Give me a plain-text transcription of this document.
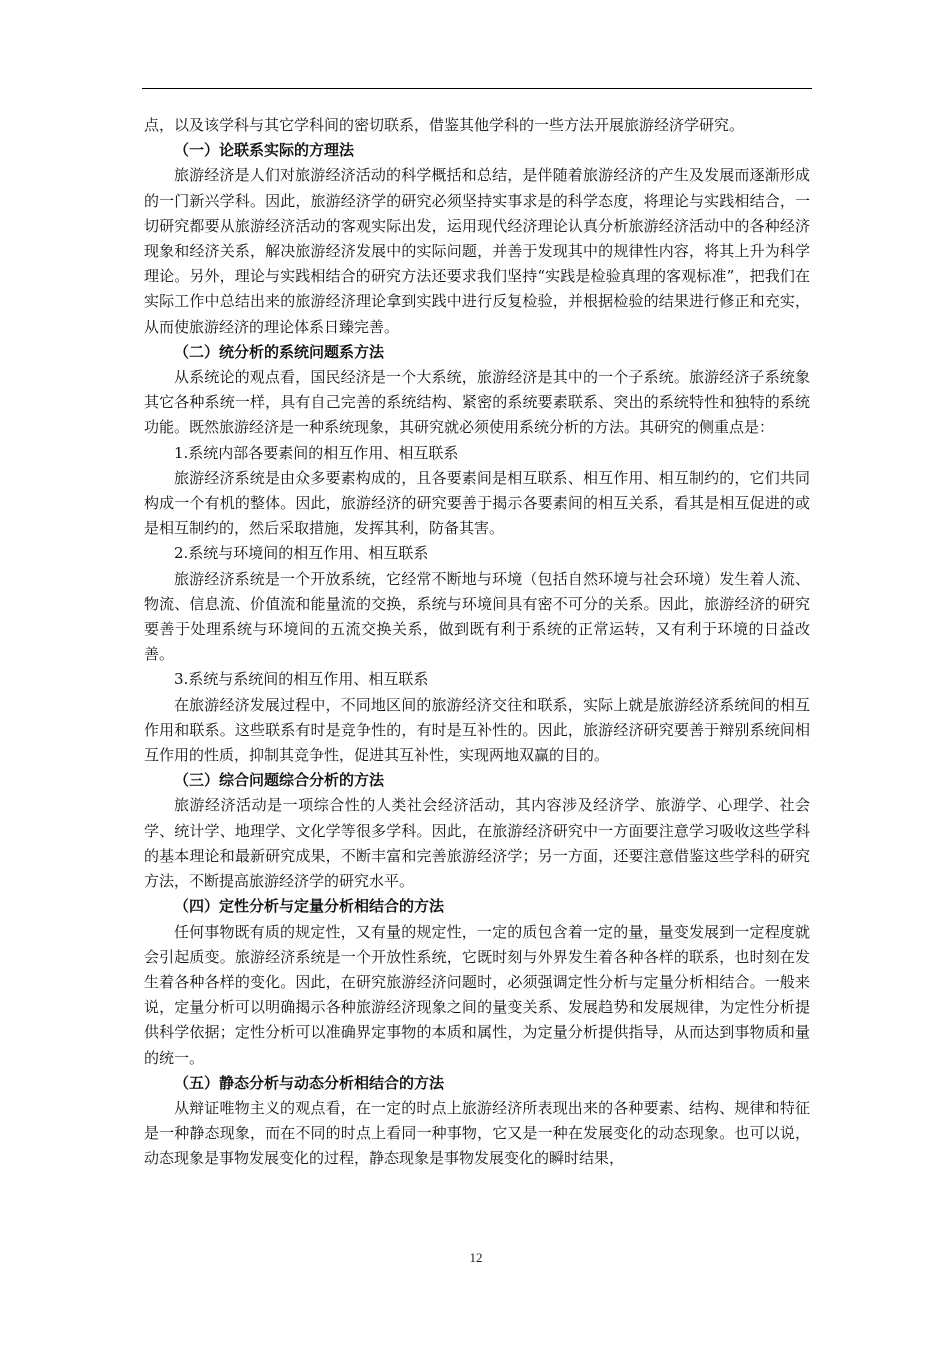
点，以及该学科与其它学科间的密切联系，借鉴其他学科的一些方法开展旅游经济学研究。

（一）论联系实际的方理法

旅游经济是人们对旅游经济活动的科学概括和总结，是伴随着旅游经济的产生及发展而逐渐形成的一门新兴学科。因此，旅游经济学的研究必须坚持实事求是的科学态度，将理论与实践相结合，一切研究都要从旅游经济活动的客观实际出发，运用现代经济理论认真分析旅游经济活动中的各种经济现象和经济关系，解决旅游经济发展中的实际问题，并善于发现其中的规律性内容，将其上升为科学理论。另外，理论与实践相结合的研究方法还要求我们坚持“实践是检验真理的客观标准”，把我们在实际工作中总结出来的旅游经济理论拿到实践中进行反复检验，并根据检验的结果进行修正和充实，从而使旅游经济的理论体系日臻完善。

（二）统分析的系统问题系方法

从系统论的观点看，国民经济是一个大系统，旅游经济是其中的一个子系统。旅游经济子系统象其它各种系统一样，具有自己完善的系统结构、紧密的系统要素联系、突出的系统特性和独特的系统功能。既然旅游经济是一种系统现象，其研究就必须使用系统分析的方法。其研究的侧重点是：

1.系统内部各要素间的相互作用、相互联系

旅游经济系统是由众多要素构成的，且各要素间是相互联系、相互作用、相互制约的，它们共同构成一个有机的整体。因此，旅游经济的研究要善于揭示各要素间的相互关系，看其是相互促进的或是相互制约的，然后采取措施，发挥其利，防备其害。

2.系统与环境间的相互作用、相互联系

旅游经济系统是一个开放系统，它经常不断地与环境（包括自然环境与社会环境）发生着人流、物流、信息流、价值流和能量流的交换，系统与环境间具有密不可分的关系。因此，旅游经济的研究要善于处理系统与环境间的五流交换关系，做到既有利于系统的正常运转，又有利于环境的日益改善。

3.系统与系统间的相互作用、相互联系

在旅游经济发展过程中，不同地区间的旅游经济交往和联系，实际上就是旅游经济系统间的相互作用和联系。这些联系有时是竞争性的，有时是互补性的。因此，旅游经济研究要善于辩别系统间相互作用的性质，抑制其竞争性，促进其互补性，实现两地双赢的目的。

（三）综合问题综合分析的方法

旅游经济活动是一项综合性的人类社会经济活动，其内容涉及经济学、旅游学、心理学、社会学、统计学、地理学、文化学等很多学科。因此，在旅游经济研究中一方面要注意学习吸收这些学科的基本理论和最新研究成果，不断丰富和完善旅游经济学；另一方面，还要注意借鉴这些学科的研究方法，不断提高旅游经济学的研究水平。

（四）定性分析与定量分析相结合的方法

任何事物既有质的规定性，又有量的规定性，一定的质包含着一定的量，量变发展到一定程度就会引起质变。旅游经济系统是一个开放性系统，它既时刻与外界发生着各种各样的联系，也时刻在发生着各种各样的变化。因此，在研究旅游经济问题时，必须强调定性分析与定量分析相结合。一般来说，定量分析可以明确揭示各种旅游经济现象之间的量变关系、发展趋势和发展规律，为定性分析提供科学依据；定性分析可以准确界定事物的本质和属性，为定量分析提供指导，从而达到事物质和量的统一。

（五）静态分析与动态分析相结合的方法

从辩证唯物主义的观点看，在一定的时点上旅游经济所表现出来的各种要素、结构、规律和特征是一种静态现象，而在不同的时点上看同一种事物，它又是一种在发展变化的动态现象。也可以说，动态现象是事物发展变化的过程，静态现象是事物发展变化的瞬时结果，

12
